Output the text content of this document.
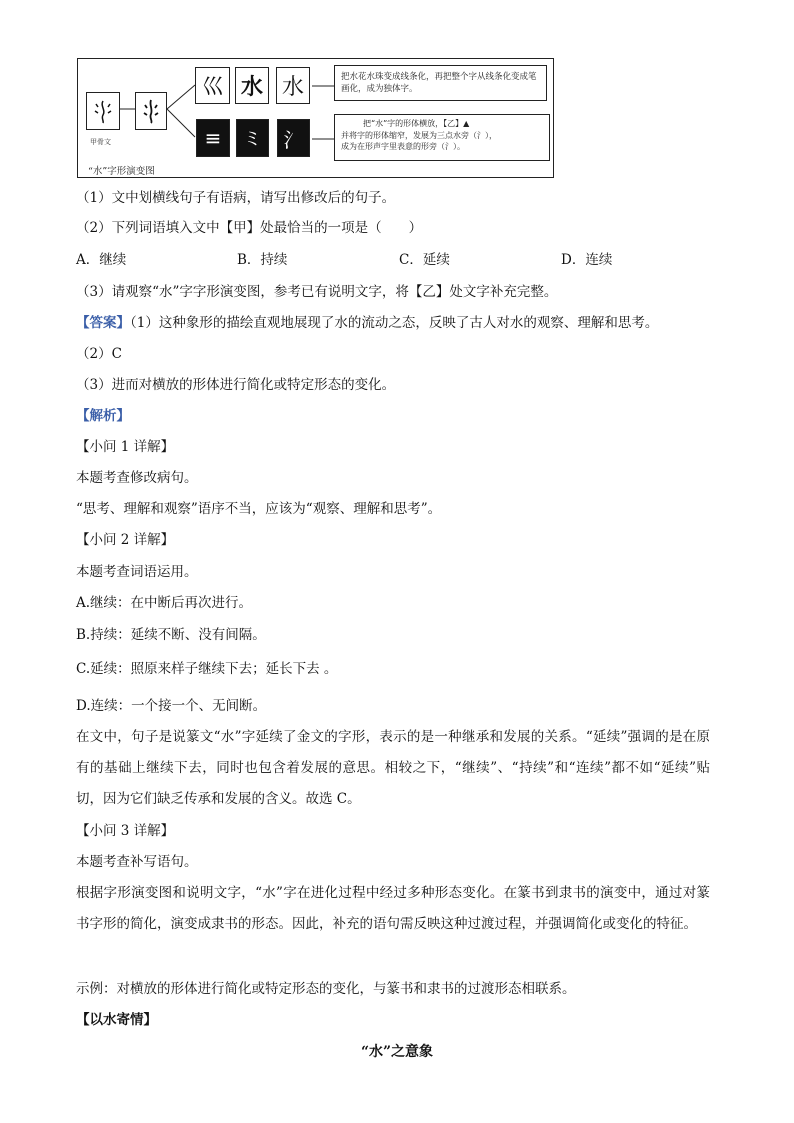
甲骨文
巛 水 水
≡ ミ 氵
把水花水珠变成线条化，再把整个字从线条化变成笔画化，成为独体字。
把“水”字的形体横放，【乙】▲
并将字的形体缩窄，发展为三点水旁（氵），
成为在形声字里表意的形旁（氵）。
“水”字形演变图
（1）文中划横线句子有语病，请写出修改后的句子。
（2）下列词语填入文中【甲】处最恰当的一项是（　　）
A．继续	B．持续	C．延续	D．连续
（3）请观察“水”字字形演变图，参考已有说明文字，将【乙】处文字补充完整。
【答案】（1）这种象形的描绘直观地展现了水的流动之态，反映了古人对水的观察、理解和思考。
（2）C
（3）进而对横放的形体进行简化或特定形态的变化。
【解析】
【小问 1 详解】
本题考查修改病句。
“思考、理解和观察”语序不当，应该为“观察、理解和思考”。
【小问 2 详解】
本题考查词语运用。
A.继续：在中断后再次进行。
B.持续：延续不断、没有间隔。
C.延续：照原来样子继续下去；延长下去 。
D.连续：一个接一个、无间断。
在文中，句子是说篆文“水”字延续了金文的字形，表示的是一种继承和发展的关系。“延续”强调的是在原有的基础上继续下去，同时也包含着发展的意思。相较之下，“继续”、“持续”和“连续”都不如“延续”贴切，因为它们缺乏传承和发展的含义。故选 C。
【小问 3 详解】
本题考查补写语句。
根据字形演变图和说明文字，“水”字在进化过程中经过多种形态变化。在篆书到隶书的演变中，通过对篆书字形的简化，演变成隶书的形态。因此，补充的语句需反映这种过渡过程，并强调简化或变化的特征。
示例：对横放的形体进行简化或特定形态的变化，与篆书和隶书的过渡形态相联系。
【以水寄情】
“水”之意象
